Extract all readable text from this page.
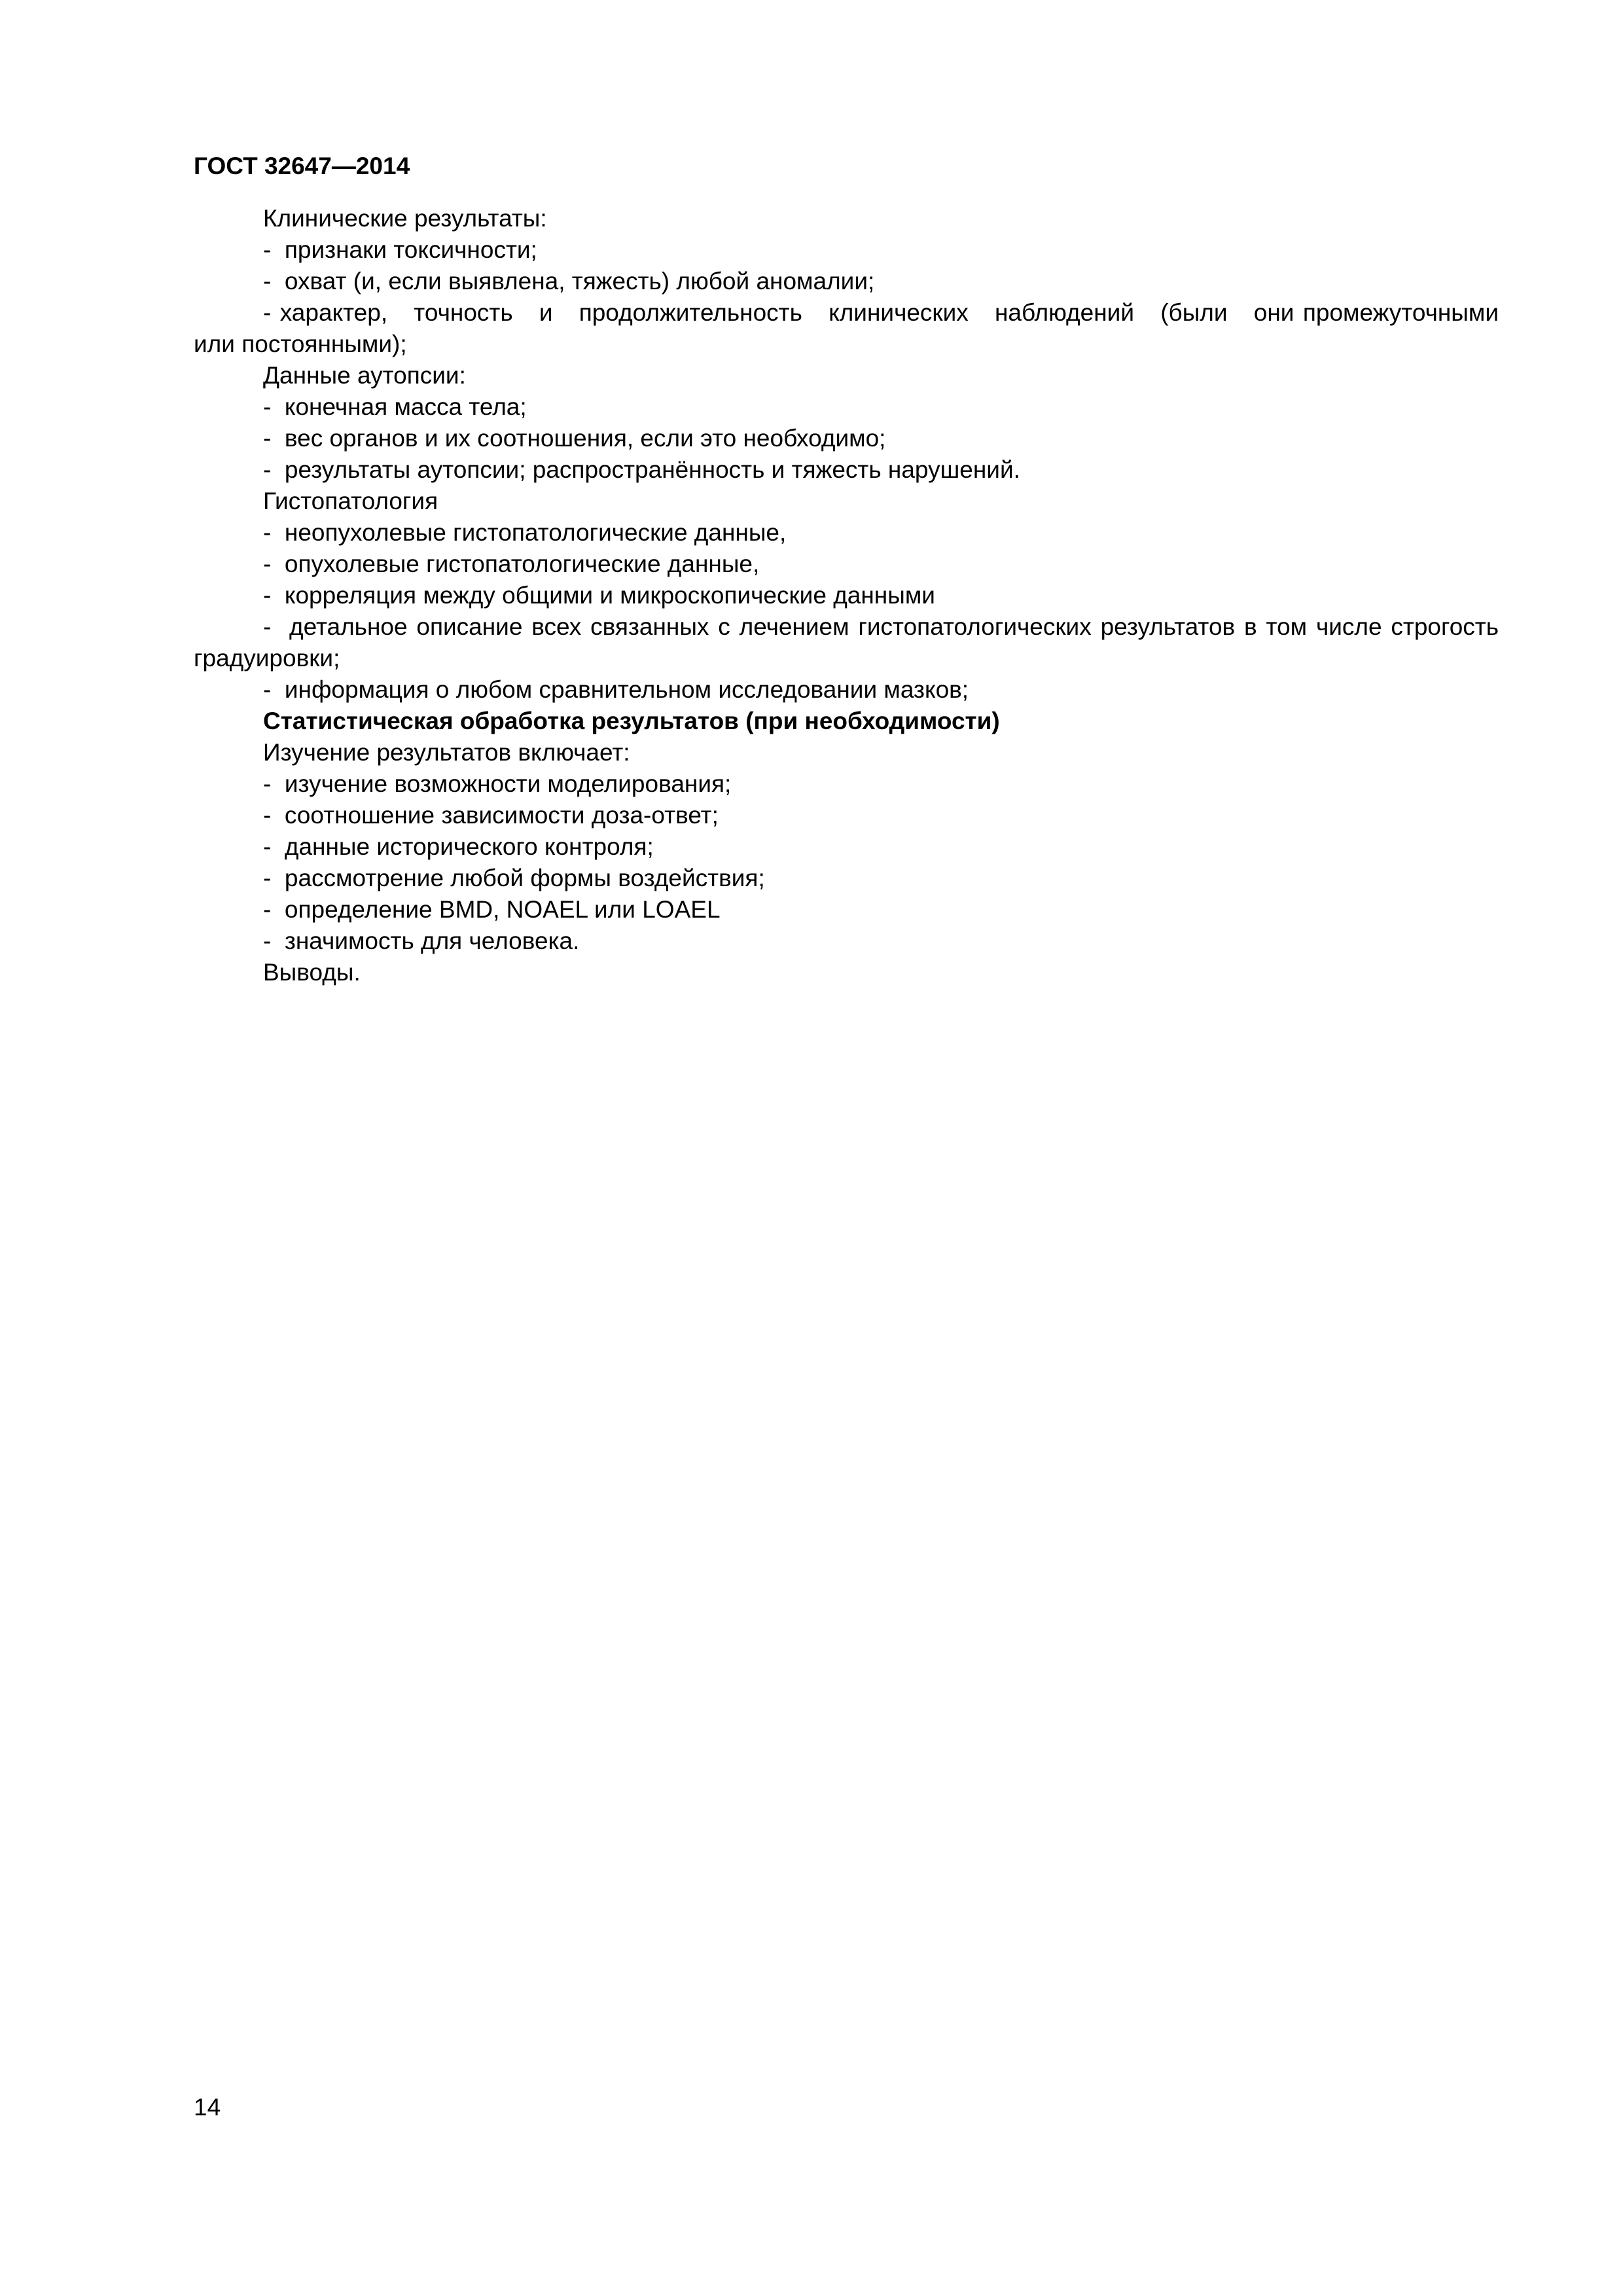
ГОСТ 32647—2014

Клинические результаты:

-  признаки токсичности;

-  охват (и, если выявлена, тяжесть) любой аномалии;

- характер,   точность   и   продолжительность   клинических   наблюдений   (были   они промежуточными  или постоянными);

Данные аутопсии:

-  конечная масса тела;

-  вес органов и их соотношения, если это необходимо;

-  результаты аутопсии; распространённость и тяжесть нарушений.

Гистопатология

-  неопухолевые гистопатологические данные,

-  опухолевые гистопатологические данные,

-  корреляция между общими и микроскопические данными

-  детальное описание всех связанных с лечением гистопатологических результатов в том числе строгость градуировки;

-  информация о любом сравнительном исследовании мазков;

Статистическая обработка результатов (при необходимости)

Изучение результатов включает:

-  изучение возможности моделирования;

-  соотношение зависимости доза-ответ;

-  данные исторического контроля;

-  рассмотрение любой формы воздействия;

-  определение BMD, NOAEL или LOAEL

-  значимость для человека.

Выводы.

14
